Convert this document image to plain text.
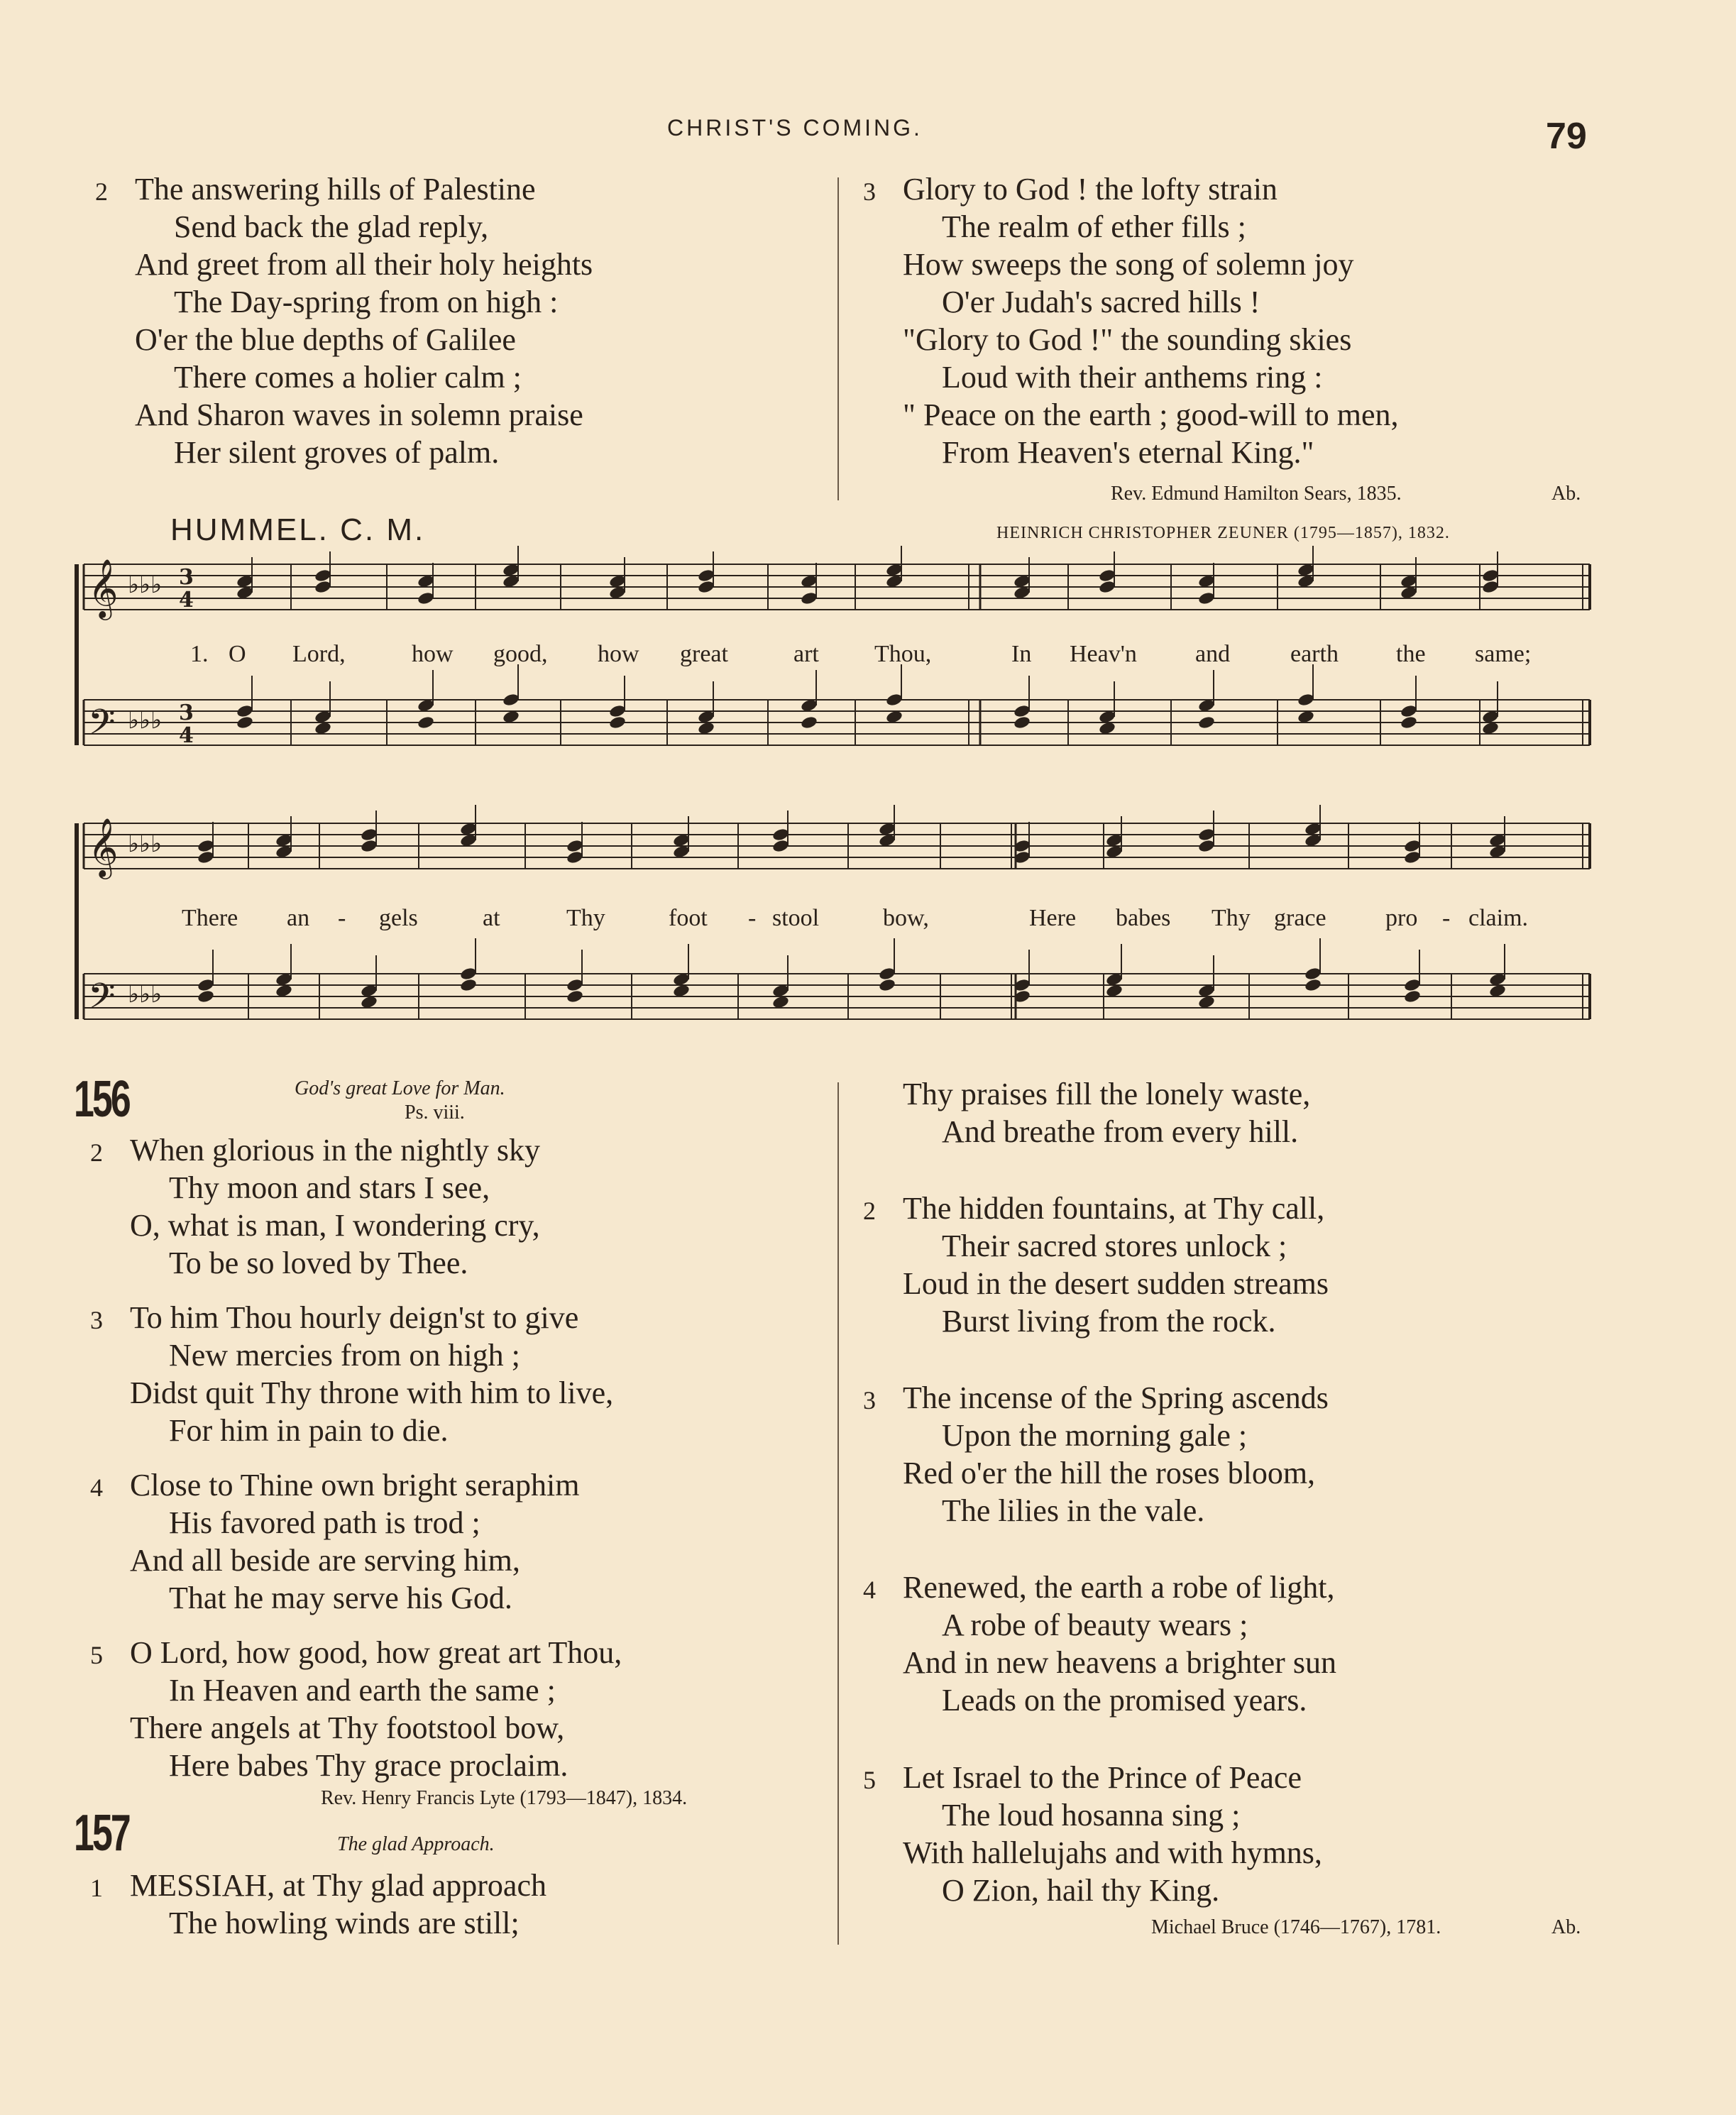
CHRIST'S COMING.	79
2 The answering hills of Palestine
Send back the glad reply,
And greet from all their holy heights
The Day-spring from on high :
O'er the blue depths of Galilee
There comes a holier calm ;
And Sharon waves in solemn praise
Her silent groves of palm.
3 Glory to God ! the lofty strain
The realm of ether fills ;
How sweeps the song of solemn joy
O'er Judah's sacred hills !
"Glory to God !" the sounding skies
Loud with their anthems ring :
" Peace on the earth ; good-will to men,
From Heaven's eternal King."
Rev. Edmund Hamilton Sears, 1835.	Ab.
HUMMEL. C. M.	HEINRICH CHRISTOPHER ZEUNER (1795—1857), 1832.
𝄞 ♭♭♭
𝄢 ♭♭♭
𝄞 ♭♭♭
𝄢 ♭♭♭
3
4
3
4
1. O Lord,	how good, how great	art Thou,	In Heav'n and earth the same;
There an - gels	at	Thy	foot - stool	bow,	Here babes Thy grace pro - claim.
156	God's great Love for Man.
Ps. viii.
2 When glorious in the nightly sky
Thy moon and stars I see,
O, what is man, I wondering cry,
To be so loved by Thee.
3 To him Thou hourly deign'st to give
New mercies from on high ;
Didst quit Thy throne with him to live,
For him in pain to die.
4 Close to Thine own bright seraphim
His favored path is trod ;
And all beside are serving him,
That he may serve his God.
5 O Lord, how good, how great art Thou,
In Heaven and earth the same ;
There angels at Thy footstool bow,
Here babes Thy grace proclaim.
Rev. Henry Francis Lyte (1793—1847), 1834.
157	The glad Approach.
1 MESSIAH, at Thy glad approach
The howling winds are still;
Thy praises fill the lonely waste,
And breathe from every hill.
2 The hidden fountains, at Thy call,
Their sacred stores unlock ;
Loud in the desert sudden streams
Burst living from the rock.
3 The incense of the Spring ascends
Upon the morning gale ;
Red o'er the hill the roses bloom,
The lilies in the vale.
4 Renewed, the earth a robe of light,
A robe of beauty wears ;
And in new heavens a brighter sun
Leads on the promised years.
5 Let Israel to the Prince of Peace
The loud hosanna sing ;
With hallelujahs and with hymns,
O Zion, hail thy King.
Michael Bruce (1746—1767), 1781.	Ab.
